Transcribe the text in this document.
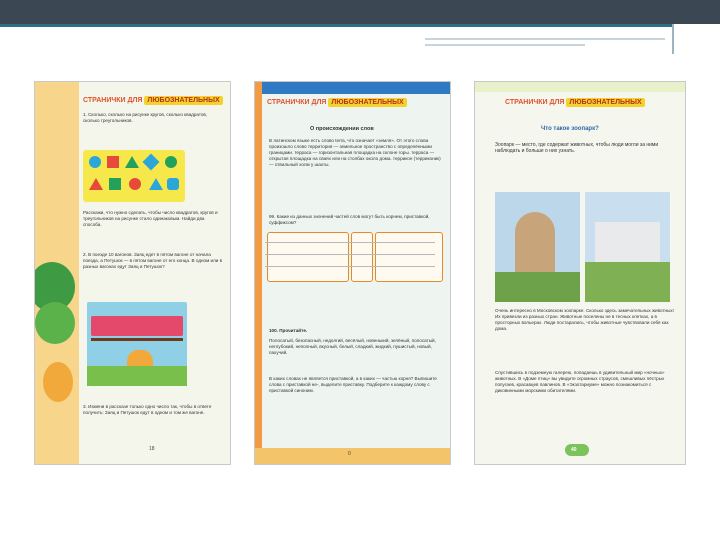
СТРАНИЧКИ ДЛЯ ЛЮБОЗНАТЕЛЬНЫХ
1. Сколько, сколько на рисунке кругов, сколько квадратов, сколько треугольников.
Расскажи, что нужно сделать, чтобы число квадратов, кругов и треугольников на рисунке стало одинаковым. Найди два способа.
2. В поезде 10 вагонов. Заяц едет в пятом вагоне от начала поезда, а Петушок — в пятом вагоне от его конца. В одном или в разных вагонах едут Заяц и Петушок?
3. Измени в рассказе только одно число так, чтобы в ответе получить: Заяц и Петушок едут в одном и том же вагоне.
18
СТРАНИЧКИ ДЛЯ ЛЮБОЗНАТЕЛЬНЫХ
О происхождении слов
В латинском языке есть слово terra, что означает «земля». От этого слова произошло слово территория — земельное пространство с определёнными границами. терраса — горизонтальная площадка на склоне горы. терраса — открытая площадка на сваях или на столбах около дома. террикон (терриконик) — отвальный холм у шахты.
99. Какие из данных значений частей слов могут быть корнем, приставкой, суффиксом?
100. Прочитайте.
Полосатый, безопасный, недолгий, весёлый, новенький, зелёный, полосатый, неглубокий, неполный, вкусный, белый, сладкий, жидкий, пушистый, новый, пахучий.
В каких словах не является приставкой, а в каких — частью корня? Выпишите слова с приставкой не-, выделите приставку. Подберите к каждому слову с приставкой синоним.
0
СТРАНИЧКИ ДЛЯ ЛЮБОЗНАТЕЛЬНЫХ
Что такое зоопарк?
Зоопарк — место, где содержат животных, чтобы люди могли за ними наблюдать и больше о них узнать.
Очень интересно в Московском зоопарке. Сколько здесь замечательных животных! Их привезли из разных стран. Животные поселены не в тесных клетках, а в просторных вольерах. Люди постарались, чтобы животные чувствовали себя как дома.
Спустившись в подземную галерею, попадаешь в удивительный мир «ночных» животных. В «Доме птиц» вы увидите огромных страусов, смешливых пёстрых попугаев, красавцев павлинов. В «Экзотариуме» можно познакомиться с диковинными морскими обитателями.
40
